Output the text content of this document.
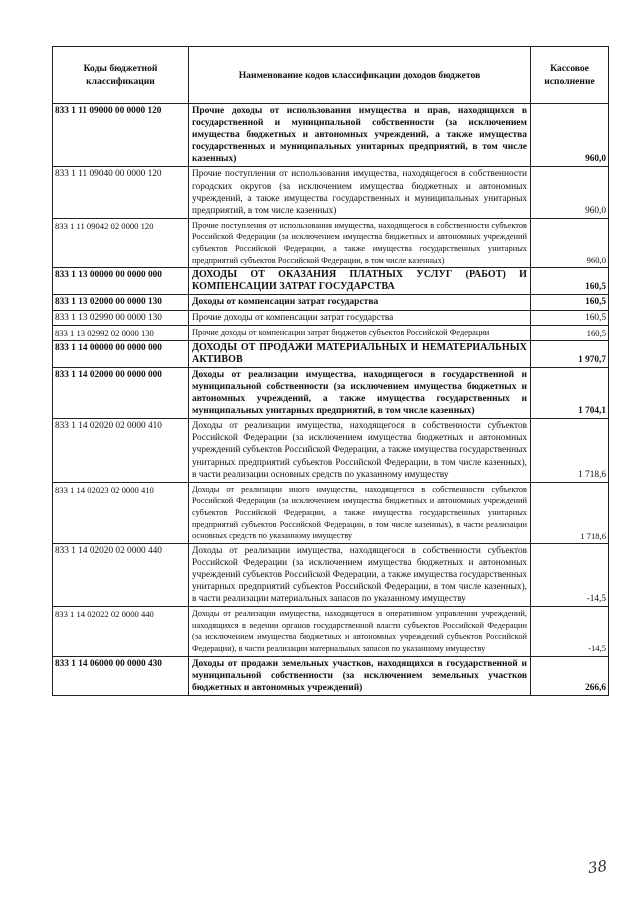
Коды бюджетной классификации	Наименование кодов классификации доходов бюджетов	Кассовое исполнение
833 1 11 09000 00 0000 120	Прочие доходы от использования имущества и прав, находящихся в государственной и муниципальной собственности (за исключением имущества бюджетных и автономных учреждений, а также имущества государственных и муниципальных унитарных предприятий, в том числе казенных)	960,0
833 1 11 09040 00 0000 120	Прочие поступления от использования имущества, находящегося в собственности городских округов (за исключением имущества бюджетных и автономных учреждений, а также имущества государственных и муниципальных унитарных предприятий, в том числе казенных)	960,0
833 1 11 09042 02 0000 120	Прочие поступления от использования имущества, находящегося в собственности субъектов Российской Федерации (за исключением имущества бюджетных и автономных учреждений субъектов Российской Федерации, а также имущества государственных унитарных предприятий субъектов Российской Федерации, в том числе казенных)	960,0
833 1 13 00000 00 0000 000	ДОХОДЫ ОТ ОКАЗАНИЯ ПЛАТНЫХ УСЛУГ (РАБОТ) И КОМПЕНСАЦИИ ЗАТРАТ ГОСУДАРСТВА	160,5
833 1 13 02000 00 0000 130	Доходы от компенсации затрат государства	160,5
833 1 13 02990 00 0000 130	Прочие доходы от компенсации затрат государства	160,5
833 1 13 02992 02 0000 130	Прочие доходы от компенсации затрат бюджетов субъектов Российской Федерации	160,5
833 1 14 00000 00 0000 000	ДОХОДЫ ОТ ПРОДАЖИ МАТЕРИАЛЬНЫХ И НЕМАТЕРИАЛЬНЫХ АКТИВОВ	1 970,7
833 1 14 02000 00 0000 000	Доходы от реализации имущества, находящегося в государственной и муниципальной собственности (за исключением имущества бюджетных и автономных учреждений, а также имущества государственных и муниципальных унитарных предприятий, в том числе казенных)	1 704,1
833 1 14 02020 02 0000 410	Доходы от реализации имущества, находящегося в собственности субъектов Российской Федерации (за исключением имущества бюджетных и автономных учреждений субъектов Российской Федерации, а также имущества государственных унитарных предприятий субъектов Российской Федерации, в том числе казенных), в части реализации основных средств по указанному имуществу	1 718,6
833 1 14 02023 02 0000 410	Доходы от реализации иного имущества, находящегося в собственности субъектов Российской Федерации (за исключением имущества бюджетных и автономных учреждений субъектов Российской Федерации, а также имущества государственных унитарных предприятий субъектов Российской Федерации, в том числе казенных), в части реализации основных средств по указанному имуществу	1 718,6
833 1 14 02020 02 0000 440	Доходы от реализации имущества, находящегося в собственности субъектов Российской Федерации (за исключением имущества бюджетных и автономных учреждений субъектов Российской Федерации, а также имущества государственных унитарных предприятий субъектов Российской Федерации, в том числе казенных), в части реализации материальных запасов по указанному имуществу	-14,5
833 1 14 02022 02 0000 440	Доходы от реализации имущества, находящегося в оперативном управлении учреждений, находящихся в ведении органов государственной власти субъектов Российской Федерации (за исключением имущества бюджетных и автономных учреждений субъектов Российской Федерации), в части реализации материальных запасов по указанному имуществу	-14,5
833 1 14 06000 00 0000 430	Доходы от продажи земельных участков, находящихся в государственной и муниципальной собственности (за исключением земельных участков бюджетных и автономных учреждений)	266,6
38
